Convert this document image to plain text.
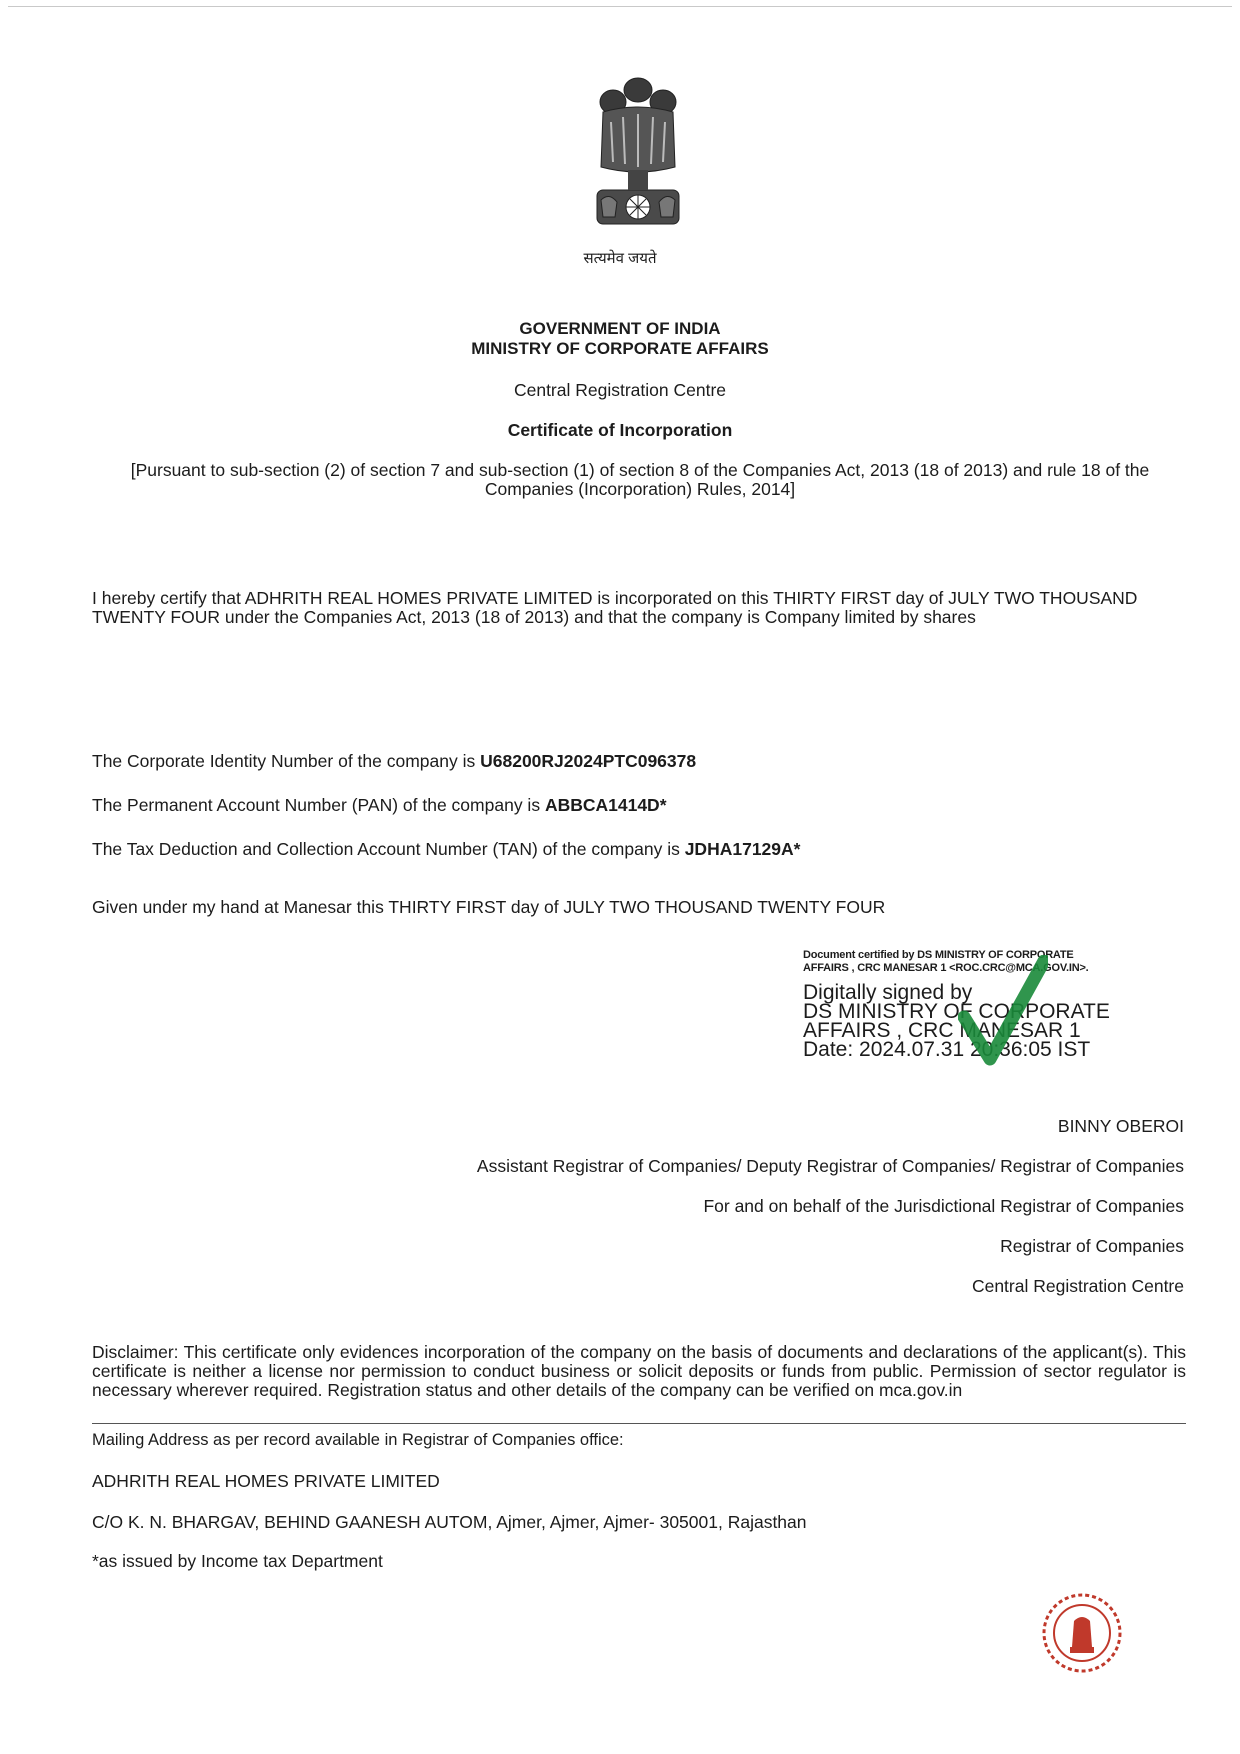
सत्यमेव जयते
GOVERNMENT OF INDIA
MINISTRY OF CORPORATE AFFAIRS
Central Registration Centre
Certificate of Incorporation
[Pursuant to sub-section (2) of section 7 and sub-section (1) of section 8 of the Companies Act, 2013 (18 of 2013) and rule 18 of the Companies (Incorporation) Rules, 2014]
I hereby certify that ADHRITH REAL HOMES PRIVATE LIMITED is incorporated on this THIRTY FIRST day of JULY TWO THOUSAND TWENTY FOUR under the Companies Act, 2013 (18 of 2013) and that the company is Company limited by shares
The Corporate Identity Number of the company is U68200RJ2024PTC096378
The Permanent Account Number (PAN) of the company is ABBCA1414D*
The Tax Deduction and Collection Account Number (TAN) of the company is JDHA17129A*
Given under my hand at Manesar this THIRTY FIRST day of JULY TWO THOUSAND TWENTY FOUR
Document certified by DS MINISTRY OF CORPORATE
AFFAIRS , CRC MANESAR 1 <ROC.CRC@MCA.GOV.IN>.
Digitally signed by
DS MINISTRY OF CORPORATE
AFFAIRS , CRC MANESAR 1
Date: 2024.07.31 20:36:05 IST
BINNY OBEROI
Assistant Registrar of Companies/ Deputy Registrar of Companies/ Registrar of Companies
For and on behalf of the Jurisdictional Registrar of Companies
Registrar of Companies
Central Registration Centre
Disclaimer: This certificate only evidences incorporation of the company on the basis of documents and declarations of the applicant(s). This certificate is neither a license nor permission to conduct business or solicit deposits or funds from public. Permission of sector regulator is necessary wherever required. Registration status and other details of the company can be verified on mca.gov.in
Mailing Address as per record available in Registrar of Companies office:
ADHRITH REAL HOMES PRIVATE LIMITED
C/O K. N. BHARGAV, BEHIND GAANESH AUTOM, Ajmer, Ajmer, Ajmer- 305001, Rajasthan
*as issued by Income tax Department
